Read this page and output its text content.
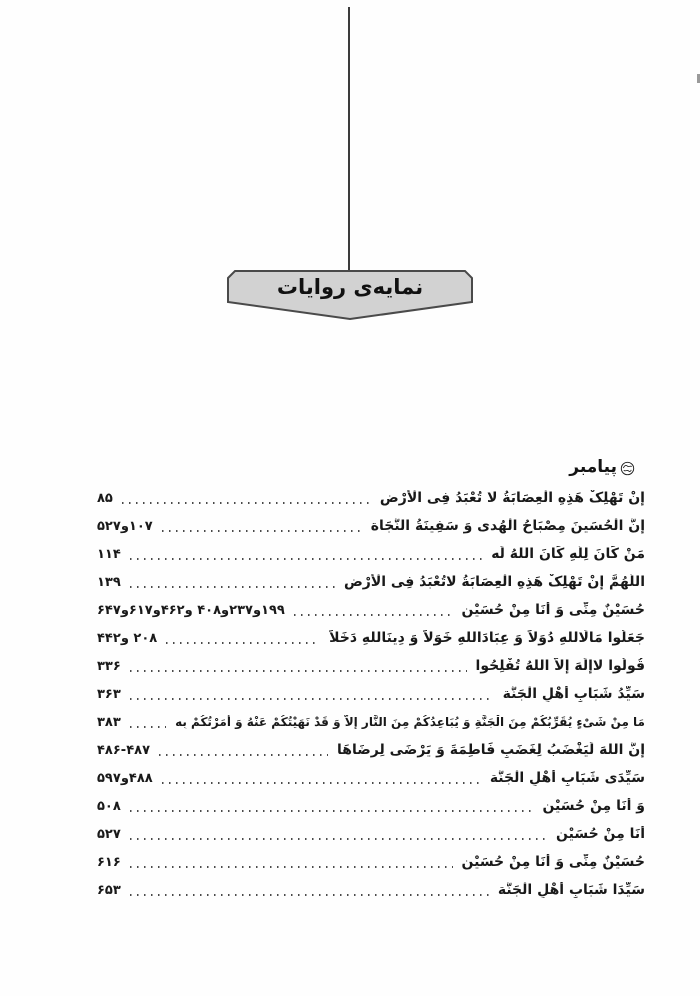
نمایه‌ی روایات
پیامبر
إِنْ تَهْلِکْ هَذِهِ الْعِصَابَةُ لا تُعْبَدُ فِی الْأَرْض
۸۵
إِنَّ الْحُسَینَ مِصْبَاحُ الْهُدی وَ سَفِینَةُ النَّجَاة
۱۰۷و۵۲۷
مَنْ کَانَ لِلّهِ کَانَ اللهُ لَه
۱۱۴
اللّهُمَّ إِنْ تَهْلِکْ هَذِهِ الْعِصَابَةُ لاتُعْبَدُ فِی الْأَرْض
۱۳۹
حُسَیْنٌ مِنِّی وَ أَنَا مِنْ حُسَیْن
۱۹۹و۲۳۷و۴۰۸ و۴۶۲و۶۱۷و۶۴۷
جَعَلُوا مَالَاللهِ دُوَلاً وَ عِبَادَاللهِ خَوَلاً وَ دِینَاللهِ دَخَلاً
۲۰۸ و۴۴۲
قُولُوا لاإِلَهَ إِلاَّ اللهُ تُفْلِحُوا
۳۳۶
سَیِّدُ شَبَابِ أَهْلِ الْجَنَّة
۳۶۳
مَا مِنْ شَیْءٍ یُقَرِّبُکُمْ مِنَ الْجَنَّةِ وَ یُبَاعِدُکُمْ مِنَ النَّارِ إِلاَّ وَ قَدْ نَهَیْتُکُمْ عَنْهُ وَ أَمَرْتُکُمْ بِه
۳۸۳
إِنَّ اللهَ لَیَغْضَبُ لِغَضَبِ فَاطِمَةَ وَ یَرْضَی لِرِضَاهَا
۴۸۶-۴۸۷
سَیِّدَی شَبَابِ أَهْلِ الْجَنَّة
۴۸۸و۵۹۷
وَ أَنَا مِنْ حُسَیْن
۵۰۸
أَنَا مِنْ حُسَیْن
۵۲۷
حُسَیْنٌ مِنِّی وَ أَنَا مِنْ حُسَیْن
۶۱۶
سَیِّدَا شَبَابِ أَهْلِ الْجَنَّة
۶۵۳
